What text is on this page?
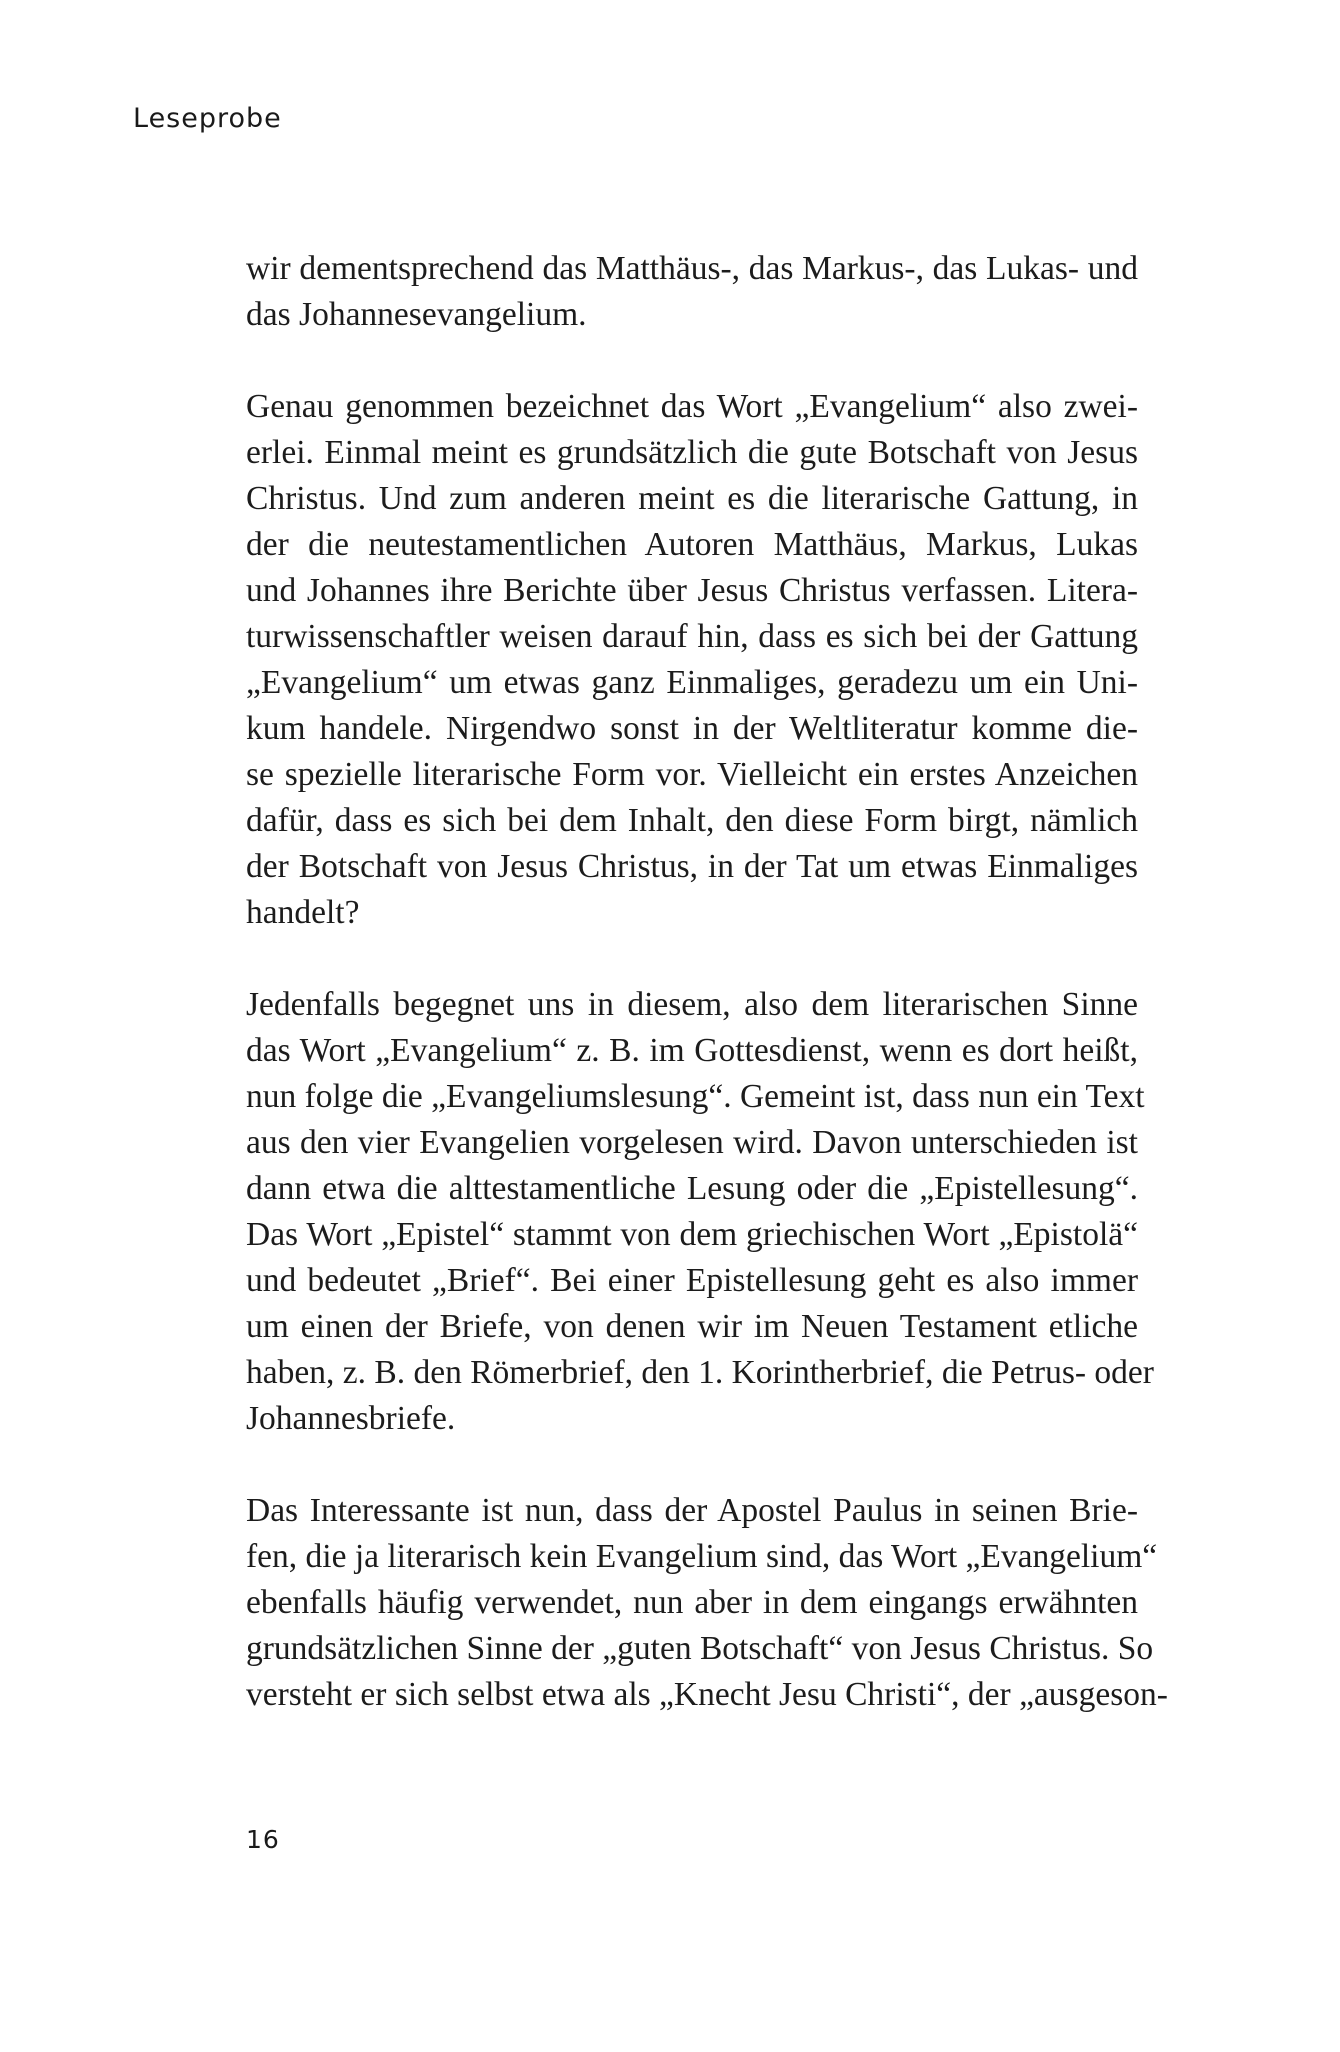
Leseprobe

wir dementsprechend das Matthäus-, das Markus-, das Lukas- und
das Johannesevangelium.

Genau genommen bezeichnet das Wort „Evangelium“ also zwei-
erlei. Einmal meint es grundsätzlich die gute Botschaft von Jesus
Christus. Und zum anderen meint es die literarische Gattung, in
der die neutestamentlichen Autoren Matthäus, Markus, Lukas
und Johannes ihre Berichte über Jesus Christus verfassen. Litera-
turwissenschaftler weisen darauf hin, dass es sich bei der Gattung
„Evangelium“ um etwas ganz Einmaliges, geradezu um ein Uni-
kum handele. Nirgendwo sonst in der Weltliteratur komme die-
se spezielle literarische Form vor. Vielleicht ein erstes Anzeichen
dafür, dass es sich bei dem Inhalt, den diese Form birgt, nämlich
der Botschaft von Jesus Christus, in der Tat um etwas Einmaliges
handelt?

Jedenfalls begegnet uns in diesem, also dem literarischen Sinne
das Wort „Evangelium“ z. B. im Gottesdienst, wenn es dort heißt,
nun folge die „Evangeliumslesung“. Gemeint ist, dass nun ein Text
aus den vier Evangelien vorgelesen wird. Davon unterschieden ist
dann etwa die alttestamentliche Lesung oder die „Epistellesung“.
Das Wort „Epistel“ stammt von dem griechischen Wort „Epistolä“
und bedeutet „Brief“. Bei einer Epistellesung geht es also immer
um einen der Briefe, von denen wir im Neuen Testament etliche
haben, z. B. den Römerbrief, den 1. Korintherbrief, die Petrus- oder
Johannesbriefe.

Das Interessante ist nun, dass der Apostel Paulus in seinen Brie-
fen, die ja literarisch kein Evangelium sind, das Wort „Evangelium“
ebenfalls häufig verwendet, nun aber in dem eingangs erwähnten
grundsätzlichen Sinne der „guten Botschaft“ von Jesus Christus. So
versteht er sich selbst etwa als „Knecht Jesu Christi“, der „ausgeson-

16
